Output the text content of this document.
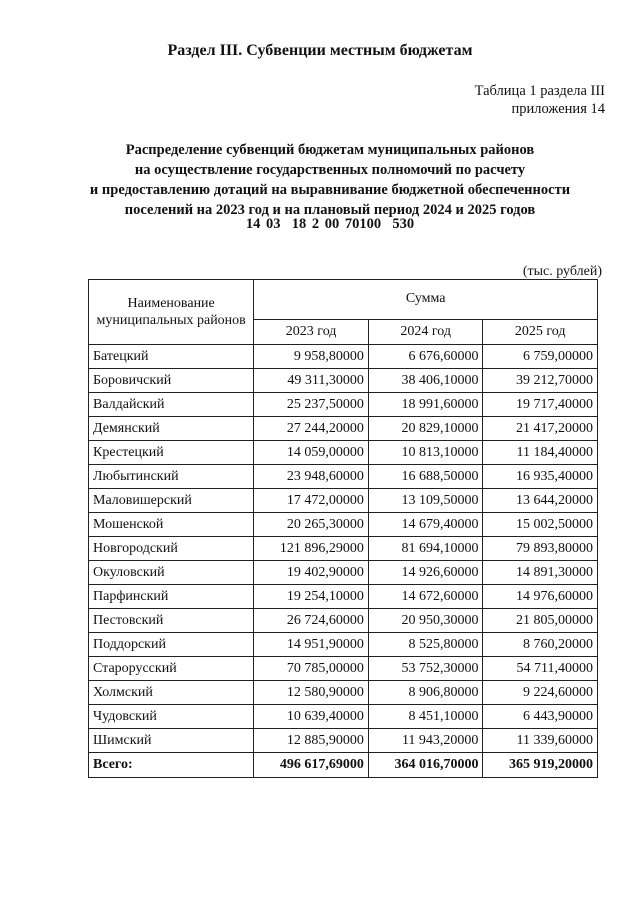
Раздел III. Субвенции местным бюджетам
Таблица 1 раздела III
приложения 14
Распределение субвенций бюджетам муниципальных районов
на осуществление государственных полномочий по расчету
и предоставлению дотаций на выравнивание бюджетной обеспеченности
поселений на 2023 год и на плановый период 2024 и 2025 годов
14 03  18 2 00 70100  530
(тыс. рублей)
Наименование муниципальных районов	Сумма		
	2023 год	2024 год	2025 год
Батецкий	9 958,80000	6 676,60000	6 759,00000
Боровичский	49 311,30000	38 406,10000	39 212,70000
Валдайский	25 237,50000	18 991,60000	19 717,40000
Демянский	27 244,20000	20 829,10000	21 417,20000
Крестецкий	14 059,00000	10 813,10000	11 184,40000
Любытинский	23 948,60000	16 688,50000	16 935,40000
Маловишерский	17 472,00000	13 109,50000	13 644,20000
Мошенской	20 265,30000	14 679,40000	15 002,50000
Новгородский	121 896,29000	81 694,10000	79 893,80000
Окуловский	19 402,90000	14 926,60000	14 891,30000
Парфинский	19 254,10000	14 672,60000	14 976,60000
Пестовский	26 724,60000	20 950,30000	21 805,00000
Поддорский	14 951,90000	8 525,80000	8 760,20000
Старорусский	70 785,00000	53 752,30000	54 711,40000
Холмский	12 580,90000	8 906,80000	9 224,60000
Чудовский	10 639,40000	8 451,10000	6 443,90000
Шимский	12 885,90000	11 943,20000	11 339,60000
Всего:	496 617,69000	364 016,70000	365 919,20000
